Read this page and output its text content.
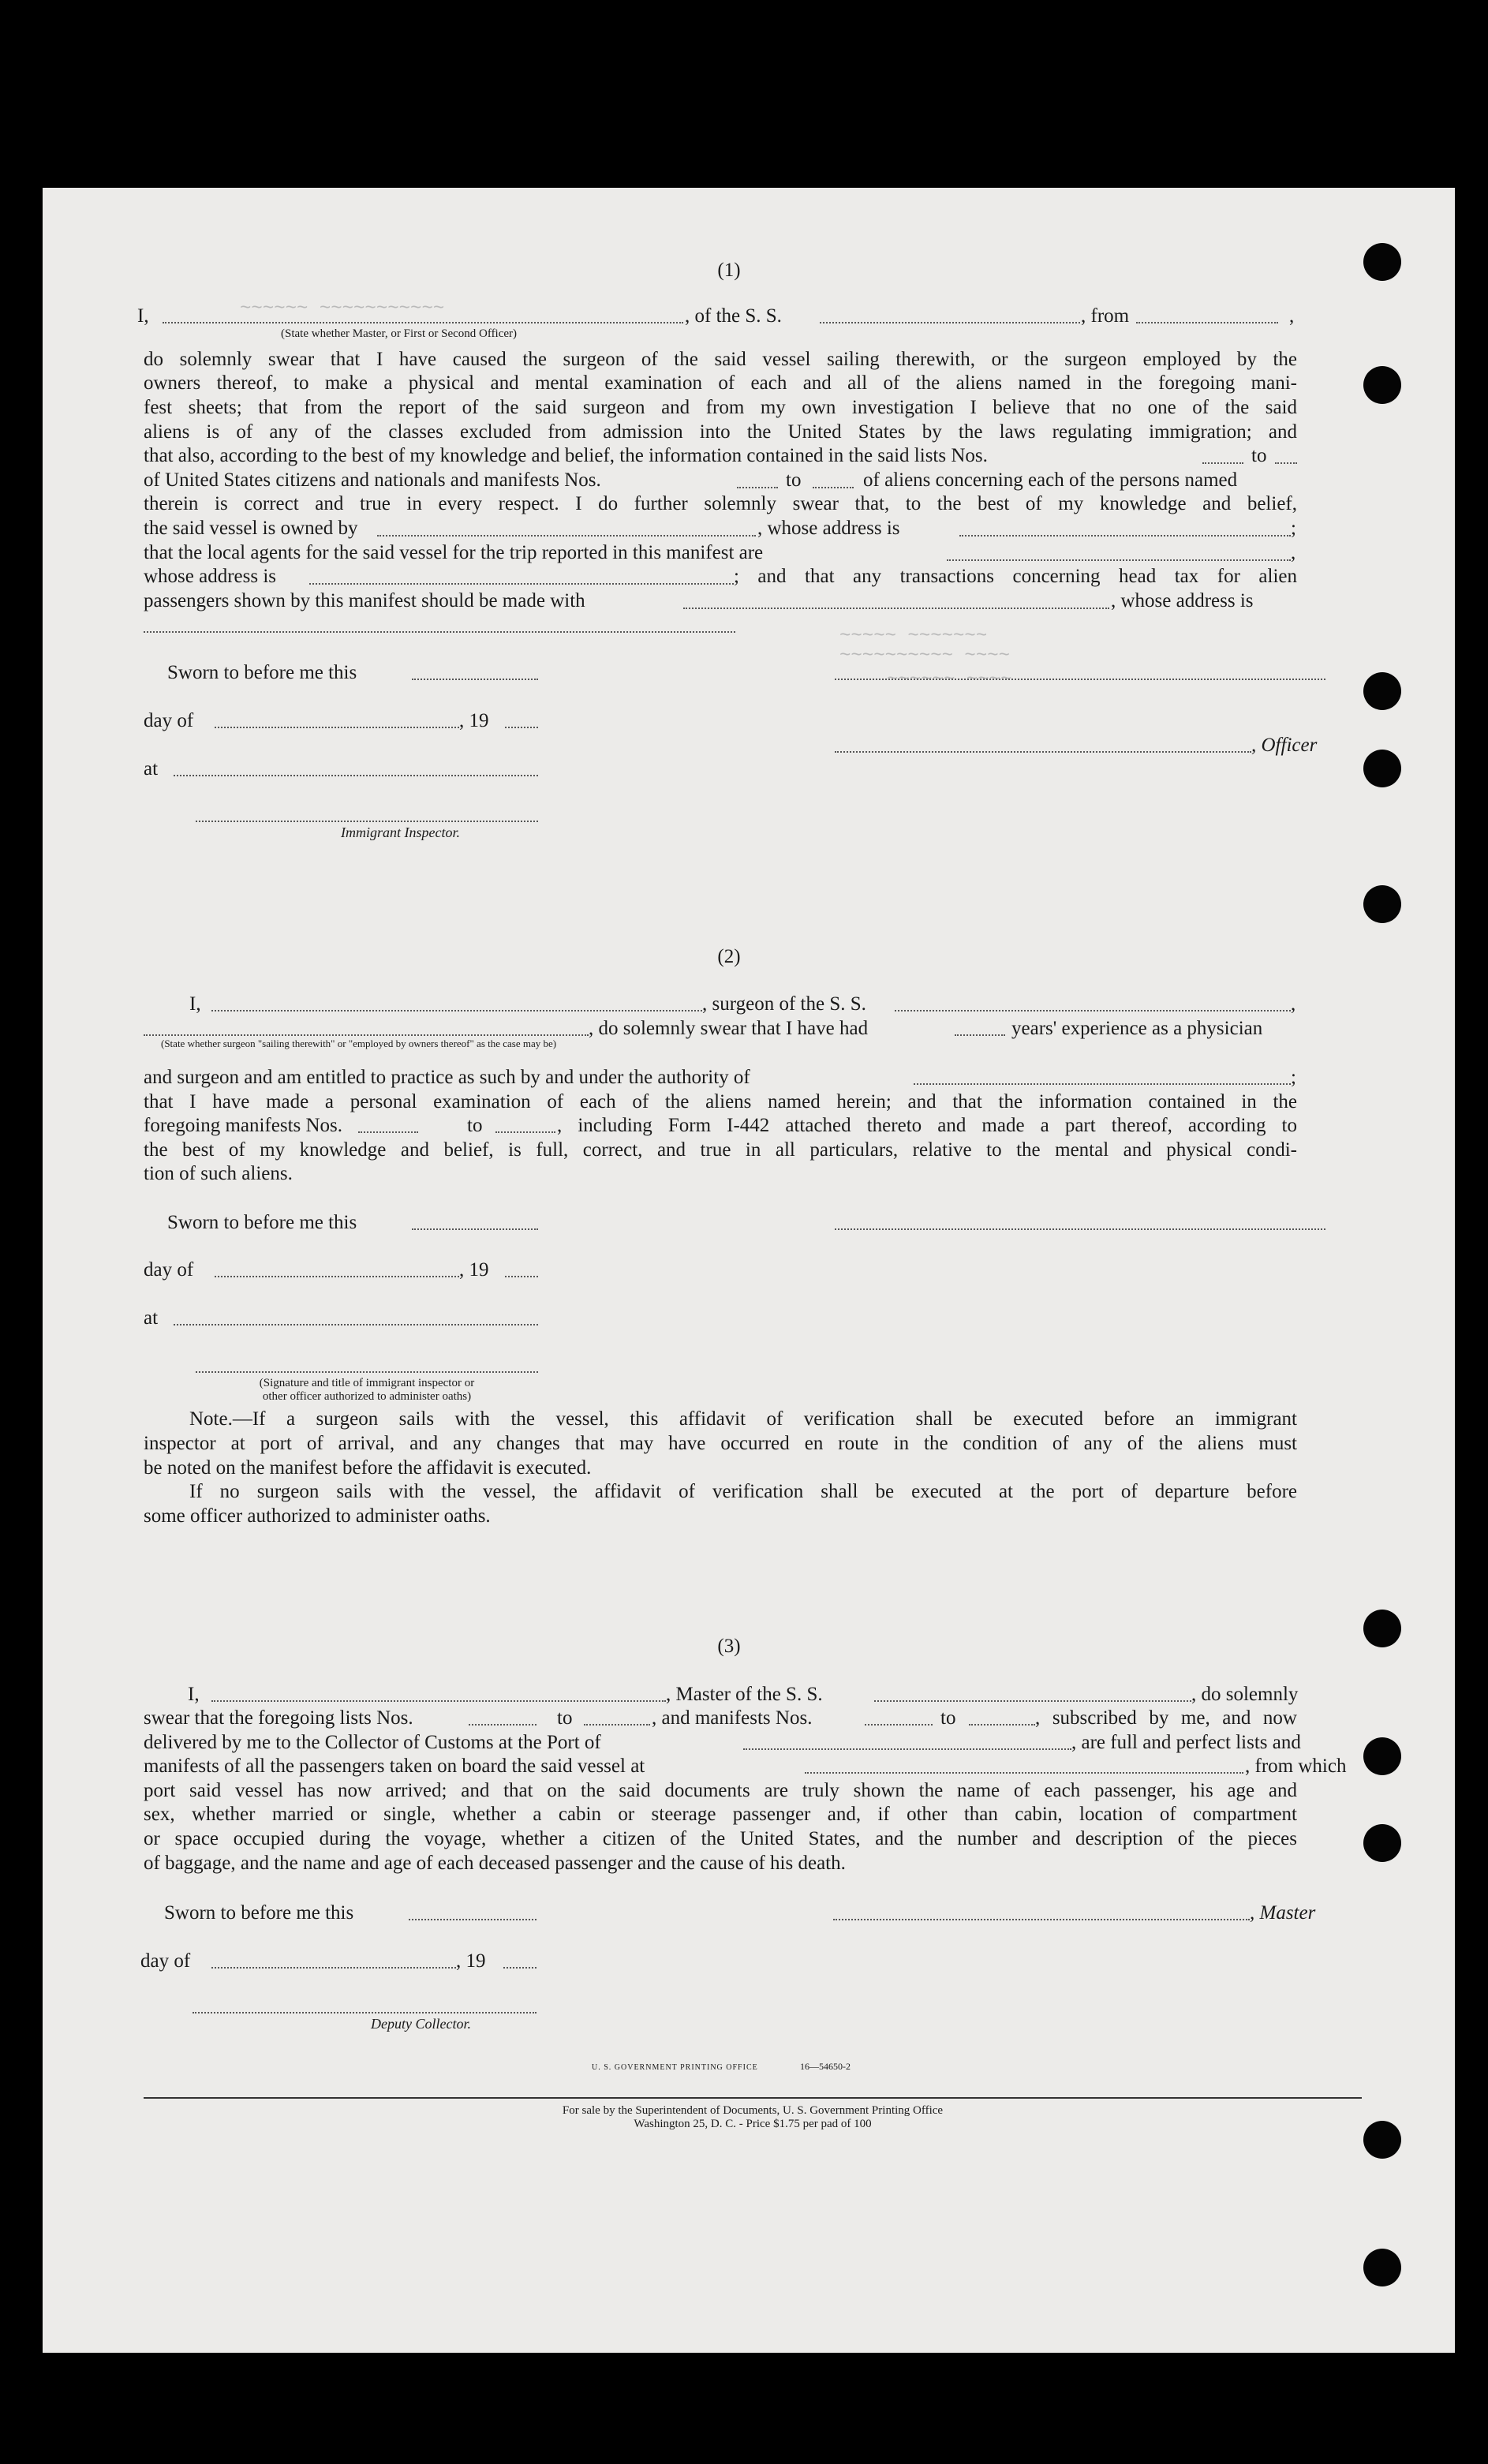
~~~~~~ ~~~~~~~~~~~
~~~~~ ~~~~~~~
~~~~~~~~~~ ~~~~
~~~~~~ ~~~~
(1)
I,	, of the S. S.	, from	,
(State whether Master, or First or Second Officer)
do solemnly swear that I have caused the surgeon of the said vessel sailing therewith, or the surgeon employed by the
owners thereof, to make a physical and mental examination of each and all of the aliens named in the foregoing mani-
fest sheets; that from the report of the said surgeon and from my own investigation I believe that no one of the said
aliens is of any of the classes excluded from admission into the United States by the laws regulating immigration; and
that also, according to the best of my knowledge and belief, the information contained in the said lists Nos.	to
of United States citizens and nationals and manifests Nos.	to	of aliens concerning each of the persons named
therein is correct and true in every respect. I do further solemnly swear that, to the best of my knowledge and belief,
the said vessel is owned by	, whose address is	;
that the local agents for the said vessel for the trip reported in this manifest are	,
whose address is	; and that any transactions concerning head tax for alien
passengers shown by this manifest should be made with	, whose address is
Sworn to before me this
day of	, 19
, Officer
at
Immigrant Inspector.
(2)
I,	, surgeon of the S. S.	,
, do solemnly swear that I have had	years' experience as a physician
(State whether surgeon "sailing therewith" or "employed by owners thereof" as the case may be)
and surgeon and am entitled to practice as such by and under the authority of	;
that I have made a personal examination of each of the aliens named herein; and that the information contained in the
foregoing manifests Nos.	to	, including Form I-442 attached thereto and made a part thereof, according to
the best of my knowledge and belief, is full, correct, and true in all particulars, relative to the mental and physical condi-
tion of such aliens.
Sworn to before me this
day of	, 19
at
(Signature and title of immigrant inspector or
other officer authorized to administer oaths)
Note.—If a surgeon sails with the vessel, this affidavit of verification shall be executed before an immigrant
inspector at port of arrival, and any changes that may have occurred en route in the condition of any of the aliens must
be noted on the manifest before the affidavit is executed.
If no surgeon sails with the vessel, the affidavit of verification shall be executed at the port of departure before
some officer authorized to administer oaths.
(3)
I,	, Master of the S. S.	, do solemnly
swear that the foregoing lists Nos.	to	, and manifests Nos.	to	, subscribed by me, and now
delivered by me to the Collector of Customs at the Port of	, are full and perfect lists and
manifests of all the passengers taken on board the said vessel at	, from which
port said vessel has now arrived; and that on the said documents are truly shown the name of each passenger, his age and
sex, whether married or single, whether a cabin or steerage passenger and, if other than cabin, location of compartment
or space occupied during the voyage, whether a citizen of the United States, and the number and description of the pieces
of baggage, and the name and age of each deceased passenger and the cause of his death.
Sworn to before me this	, Master
day of	, 19
Deputy Collector.
U. S. GOVERNMENT PRINTING OFFICE	16—54650-2
For sale by the Superintendent of Documents, U. S. Government Printing Office
Washington 25, D. C. - Price $1.75 per pad of 100
